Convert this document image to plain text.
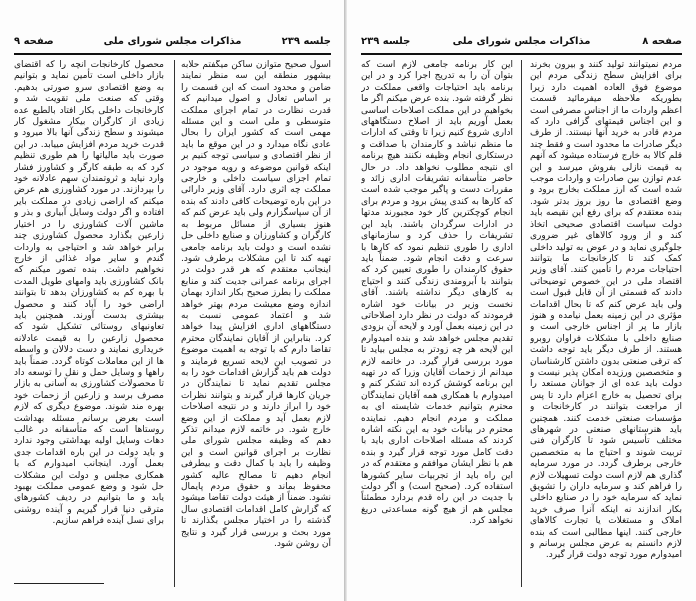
جلسه ۲۳۹
مذاکرات مجلس شورای ملی
صفحه ۹

اسول صحیح متوازن ساکن میگفتم حلابه بیشهور منطقه این سه منظر نمایند ضامن و محدود است که این قسمت را بر اساس تعادل و اصول میدانیم که قدرت نظارت در تمام اجزای مملکت متوسطی و ملی است و این مسئله مهمی است که کشور ایران را بحال عادی نگاه میدارد و در این موقع ما باید از نظر اقتصادی و سیاسی توجه کنیم بر اینکه قوانین موضوعه و رویه موجود در تمام اجزای سیاست داخلی و خارجی مملکت چه اثری دارد. آقای وزیر دارائی در این باره توضیحات کافی دادند که بنده از آن سپاسگزارم ولی باید عرض کنم که هنوز بسیاری از مسائل مربوط به کارگران و کشاورزان و صنایع داخلی حل نشده است و دولت باید برنامه جامعی تهیه کند تا این مشکلات برطرف شود. اینجانب معتقدم که هر قدر دولت در اجرای برنامه عمرانی جدیت کند و منابع مملکت را بطرز صحیح بکار اندازد بهمان اندازه وضع معیشت مردم بهتر خواهد شد و اعتماد عمومی نسبت به دستگاههای اداری افزایش پیدا خواهد کرد. بنابراین از آقایان نمایندگان محترم تقاضا دارم که با توجه به اهمیت موضوع در تصویب این لایحه تسریع فرمایند و دولت هم باید گزارش اقدامات خود را به مجلس تقدیم نماید تا نمایندگان در جریان کارها قرار گیرند و بتوانند نظرات خود را ابراز دارند و در نتیجه اصلاحات لازم بعمل آید و مملکت از این وضع خارج شود. در خاتمه لازم میدانم تذکر دهم که وظیفه مجلس شورای ملی نظارت بر اجرای قوانین است و این وظیفه را باید با کمال دقت و بیطرفی انجام دهیم تا مصالح عالیه کشور محفوظ بماند و حقوق مردم پایمال نشود. ضمناً از هیئت دولت تقاضا میشود که گزارش کامل اقدامات اقتصادی سال گذشته را در اختیار مجلس بگذارند تا مورد بحث و بررسی قرار گیرد و نتایج آن روشن شود.

محصول کارخانجات آنچه را که اقتضای بازار داخلی است تأمین نماید و بتوانیم به وضع اقتصادی سرو صورتی بدهیم. وقتی که صنعت ملی تقویت شد و کارخانجات داخلی بکار افتاد بالطبع عده زیادی از کارگران بیکار مشغول کار میشوند و سطح زندگی آنها بالا میرود و قدرت خرید مردم افزایش مییابد. در این صورت باید مالیاتها را هم طوری تنظیم کرد که به طبقه کارگر و کشاورز فشار وارد نیاید و ثروتمندان سهم عادلانه خود را بپردازند. در مورد کشاورزی هم عرض میکنم که اراضی زیادی در مملکت بایر افتاده و اگر دولت وسایل آبیاری و بذر و ماشین آلات کشاورزی را در اختیار زارعین بگذارد محصول کشاورزی چند برابر خواهد شد و احتیاجی به واردات گندم و سایر مواد غذائی از خارج نخواهیم داشت. بنده تصور میکنم که بانک کشاورزی باید وامهای طویل المدت با بهره کم به کشاورزان بدهد تا بتوانند اراضی خود را آباد کنند و محصول بیشتری بدست آورند. همچنین باید تعاونیهای روستائی تشکیل شود که محصول زارعین را به قیمت عادلانه خریداری نمایند و دست دلالان و واسطه ها از این معاملات کوتاه گردد. ضمناً باید راهها و وسایل حمل و نقل را توسعه داد تا محصولات کشاورزی به آسانی به بازار مصرف برسد و زارعین از زحمات خود بهره مند شوند. موضوع دیگری که لازم است بعرض برسانم مسئله بهداشت روستاها است که متأسفانه در غالب دهات وسایل اولیه بهداشتی وجود ندارد و باید دولت در این باره اقدامات جدی بعمل آورد. اینجانب امیدوارم که با همکاری مجلس و دولت این مشکلات حل شود و وضع عمومی مملکت بهبود یابد و ما بتوانیم در ردیف کشورهای مترقی دنیا قرار گیریم و آینده روشنی برای نسل آینده فراهم سازیم.

صفحه ۸
مذاکرات مجلس شورای ملی
جلسه ۲۳۹

مردم نمیتوانند تولید کنند و بیرون بخرند برای افزایش سطح زندگی مردم این موضوع فوق العاده اهمیت دارد زیرا بطوریکه ملاحظه میفرمائید قسمت اعظم واردات ما از اجناس مصرفی است و این اجناس قیمتهای گزافی دارد که مردم قادر به خرید آنها نیستند. از طرف دیگر صادرات ما محدود است و فقط چند قلم کالا به خارج فرستاده میشود که آنهم به قیمت نازلی بفروش میرسد و این عدم توازن بین صادرات و واردات موجب شده است که ارز مملکت بخارج برود و وضع اقتصادی ما روز بروز بدتر شود. بنده معتقدم که برای رفع این نقیصه باید دولت سیاست اقتصادی صحیحی اتخاذ کند و از ورود کالاهای غیر ضروری جلوگیری نماید و در عوض به تولید داخلی کمک کند تا کارخانجات ما بتوانند احتیاجات مردم را تأمین کنند. آقای وزیر اقتصاد ملی در این خصوص توضیحاتی دادند که قسمتی از آن قابل قبول است ولی باید عرض کنم که تا بحال اقدامات مؤثری در این زمینه بعمل نیامده و هنوز بازار ما پر از اجناس خارجی است و صنایع داخلی با مشکلات فراوان روبرو هستند. از طرف دیگر باید توجه داشت که ترقی صنعتی بدون داشتن کارشناسان و متخصصین ورزیده امکان پذیر نیست و دولت باید عده ای از جوانان مستعد را برای تحصیل به خارج اعزام دارد تا پس از مراجعت بتوانند در کارخانجات و مؤسسات صنعتی خدمت کنند. همچنین باید هنرستانهای صنعتی در شهرهای مختلف تأسیس شود تا کارگران فنی تربیت شوند و احتیاج ما به متخصصین خارجی برطرف گردد. در مورد سرمایه گذاری هم لازم است دولت تسهیلات لازم را فراهم کند و سرمایه داران را تشویق نماید که سرمایه خود را در صنایع داخلی بکار اندازند نه اینکه آنرا صرف خرید املاک و مستغلات یا تجارت کالاهای خارجی کنند. اینها مطالبی است که بنده لازم دانستم به عرض مجلس برسانم و امیدوارم مورد توجه دولت قرار گیرد.

این کار برنامه جامعی لازم است که بتوان آن را به تدریج اجرا کرد و در این برنامه باید احتیاجات واقعی مملکت در نظر گرفته شود. بنده عرض میکنم اگر ما بخواهیم در این مملکت اصلاحات اساسی بعمل آوریم باید از اصلاح دستگاههای اداری شروع کنیم زیرا تا وقتی که ادارات ما منظم نباشد و کارمندان با صداقت و درستکاری انجام وظیفه نکنند هیچ برنامه ای نتیجه مطلوب نخواهد داد. در حال حاضر متأسفانه تشریفات اداری زائد و مقررات دست و پاگیر موجب شده است که کارها به کندی پیش برود و مردم برای انجام کوچکترین کار خود مجبورند مدتها در ادارات سرگردان باشند. باید این تشریفات را حذف کرد و سازمانهای اداری را طوری تنظیم نمود که کارها با سرعت و دقت انجام شود. ضمناً باید حقوق کارمندان را طوری تعیین کرد که بتوانند با آبرومندی زندگی کنند و احتیاج به کارهای دیگر نداشته باشند. آقای نخست وزیر در بیانات خود اشاره فرمودند که دولت در نظر دارد اصلاحاتی در این زمینه بعمل آورد و لایحه آن بزودی تقدیم مجلس خواهد شد و بنده امیدوارم این لایحه هر چه زودتر به مجلس بیاید تا مورد بررسی قرار گیرد. در خاتمه لازم میدانم از زحمات آقایان وزرا که در تهیه این برنامه کوشش کرده اند تشکر کنم و امیدوارم با همکاری همه آقایان نمایندگان محترم بتوانیم خدمات شایسته ای به مملکت و مردم انجام دهیم. نماینده محترم در بیانات خود به این نکته اشاره کردند که مسئله اصلاحات اداری باید با دقت کامل مورد توجه قرار گیرد و بنده هم با نظر ایشان موافقم و معتقدم که در این راه باید از تجربیات سایر کشورها استفاده کرد. (صحیح است) و اگر دولت با جدیت در این راه قدم بردارد مطمئناً مجلس هم از هیچ گونه مساعدتی دریغ نخواهد کرد.
